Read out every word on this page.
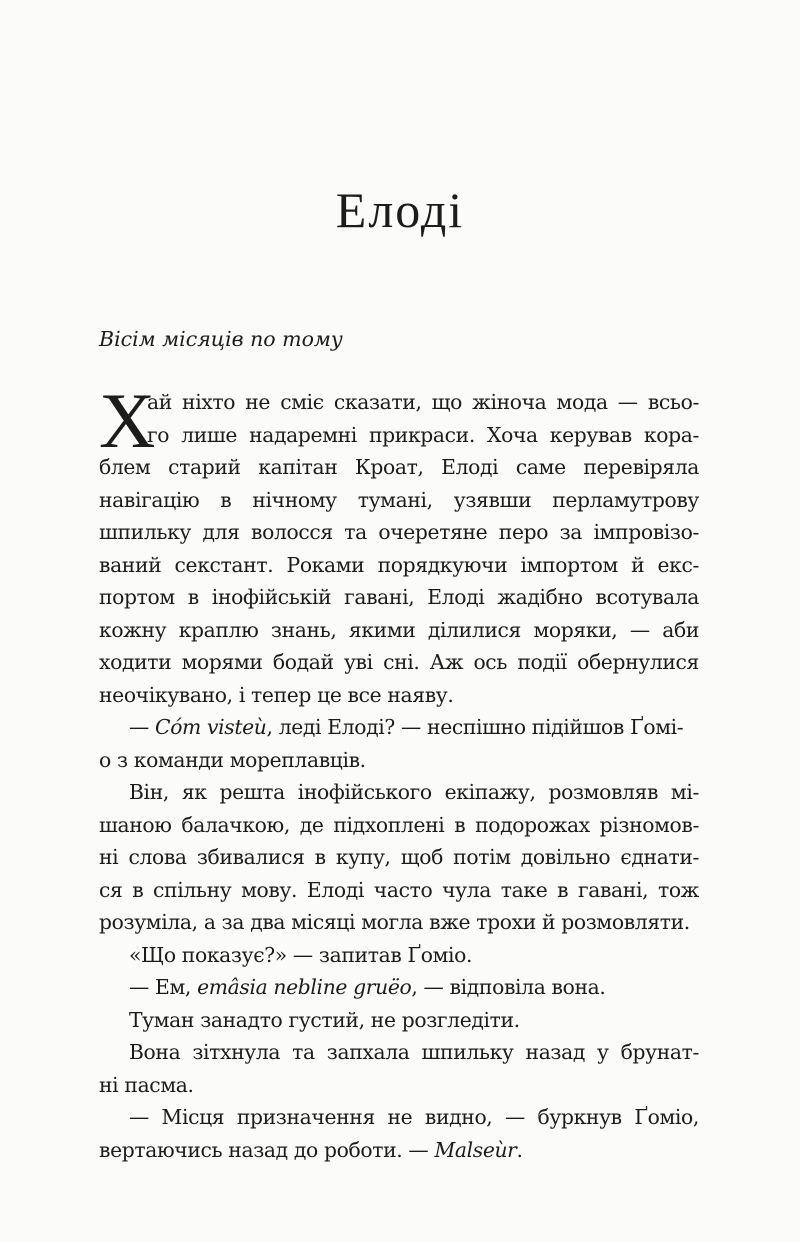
Елоді

Вісім місяців по тому

Х
ай ніхто не сміє сказати, що жіноча мода — всьо-
го лише надаремні прикраси. Хоча керував кора-
блем старий капітан Кроат, Елоді саме перевіряла
навігацію в нічному тумані, узявши перламутрову
шпильку для волосся та очеретяне перо за імпровізо-
ваний секстант. Роками порядкуючи імпортом й екс-
портом в інофійській гавані, Елоді жадібно всотувала
кожну краплю знань, якими ділилися моряки, — аби
ходити морями бодай уві сні. Аж ось події обернулися
неочікувано, і тепер це все наяву.
— Cóm visteù, леді Елоді? — неспішно підійшов Ґомі-
о з команди мореплавців.
Він, як решта інофійського екіпажу, розмовляв мі-
шаною балачкою, де підхоплені в подорожах різномов-
ні слова збивалися в купу, щоб потім довільно єднати-
ся в спільну мову. Елоді часто чула таке в гавані, тож
розуміла, а за два місяці могла вже трохи й розмовляти.
«Що показує?» — запитав Ґоміо.
— Ем, emâsia nebline gruëo, — відповіла вона.
Туман занадто густий, не розгледіти.
Вона зітхнула та запхала шпильку назад у брунат-
ні пасма.
— Місця призначення не видно, — буркнув Ґоміо,
вертаючись назад до роботи. — Malseùr.
